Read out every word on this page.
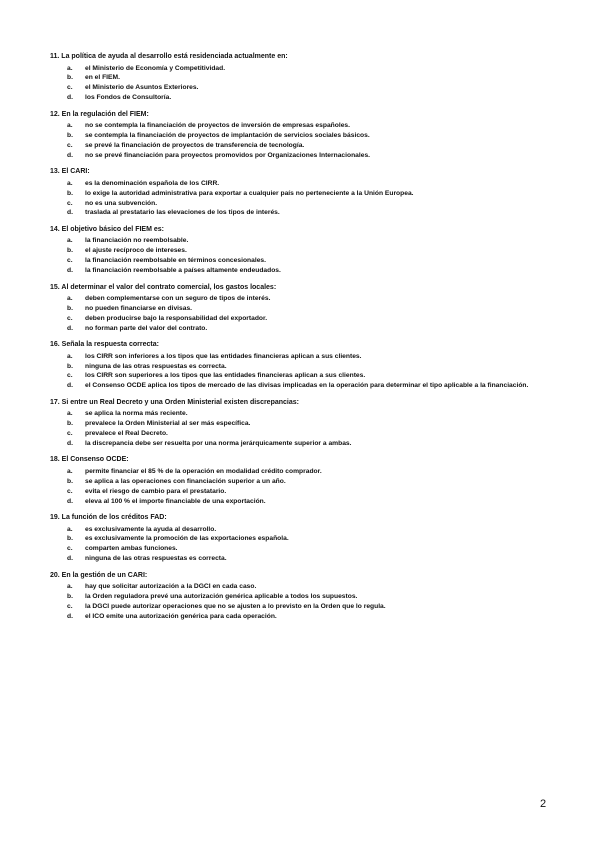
11. La política de ayuda al desarrollo está residenciada actualmente en:
a.	el Ministerio de Economía y Competitividad.
b.	en el FIEM.
c.	el Ministerio de Asuntos Exteriores.
d.	los Fondos de Consultoría.
12. En la regulación del FIEM:
a.	no se contempla la financiación de proyectos de inversión de empresas españoles.
b.	se contempla la financiación de proyectos de implantación de servicios sociales básicos.
c.	se prevé la financiación de proyectos de transferencia de tecnología.
d.	no se prevé financiación para proyectos promovidos por Organizaciones Internacionales.
13. El CARI:
a.	es la denominación española de los CIRR.
b.	lo exige la autoridad administrativa para exportar a cualquier país no perteneciente a la Unión Europea.
c.	no es una subvención.
d.	traslada al prestatario las elevaciones de los tipos de interés.
14. El objetivo básico del FIEM es:
a.	la financiación no reembolsable.
b.	el ajuste recíproco de intereses.
c.	la financiación reembolsable en términos concesionales.
d.	la financiación reembolsable a países altamente endeudados.
15. Al determinar el valor del contrato comercial, los gastos locales:
a.	deben complementarse con un seguro de tipos de interés.
b.	no pueden financiarse en divisas.
c.	deben producirse bajo la responsabilidad del exportador.
d.	no forman parte del valor del contrato.
16. Señala la respuesta correcta:
a.	los CIRR son inferiores a los tipos que las entidades financieras aplican a sus clientes.
b.	ninguna de las otras respuestas es correcta.
c.	los CIRR son superiores a los tipos que las entidades financieras aplican a sus clientes.
d.	el Consenso OCDE aplica los tipos de mercado de las divisas implicadas en la operación para determinar el tipo aplicable a la financiación.
17. Si entre un Real Decreto y una Orden Ministerial existen discrepancias:
a.	se aplica la norma más reciente.
b.	prevalece la Orden Ministerial al ser más específica.
c.	prevalece el Real Decreto.
d.	la discrepancia debe ser resuelta por una norma jerárquicamente superior a ambas.
18. El Consenso OCDE:
a.	permite financiar el 85 % de la operación en modalidad crédito comprador.
b.	se aplica a las operaciones con financiación superior a un año.
c.	evita el riesgo de cambio para el prestatario.
d.	eleva al 100 % el importe financiable de una exportación.
19. La función de los créditos FAD:
a.	es exclusivamente la ayuda al desarrollo.
b.	es exclusivamente la promoción de las exportaciones española.
c.	comparten ambas funciones.
d.	ninguna de las otras respuestas es correcta.
20. En la gestión de un CARI:
a.	hay que solicitar autorización a la DGCI en cada caso.
b.	la Orden reguladora prevé una autorización genérica aplicable a todos los supuestos.
c.	la DGCI puede autorizar operaciones que no se ajusten a lo previsto en la Orden que lo regula.
d.	el ICO emite una autorización genérica para cada operación.
2
